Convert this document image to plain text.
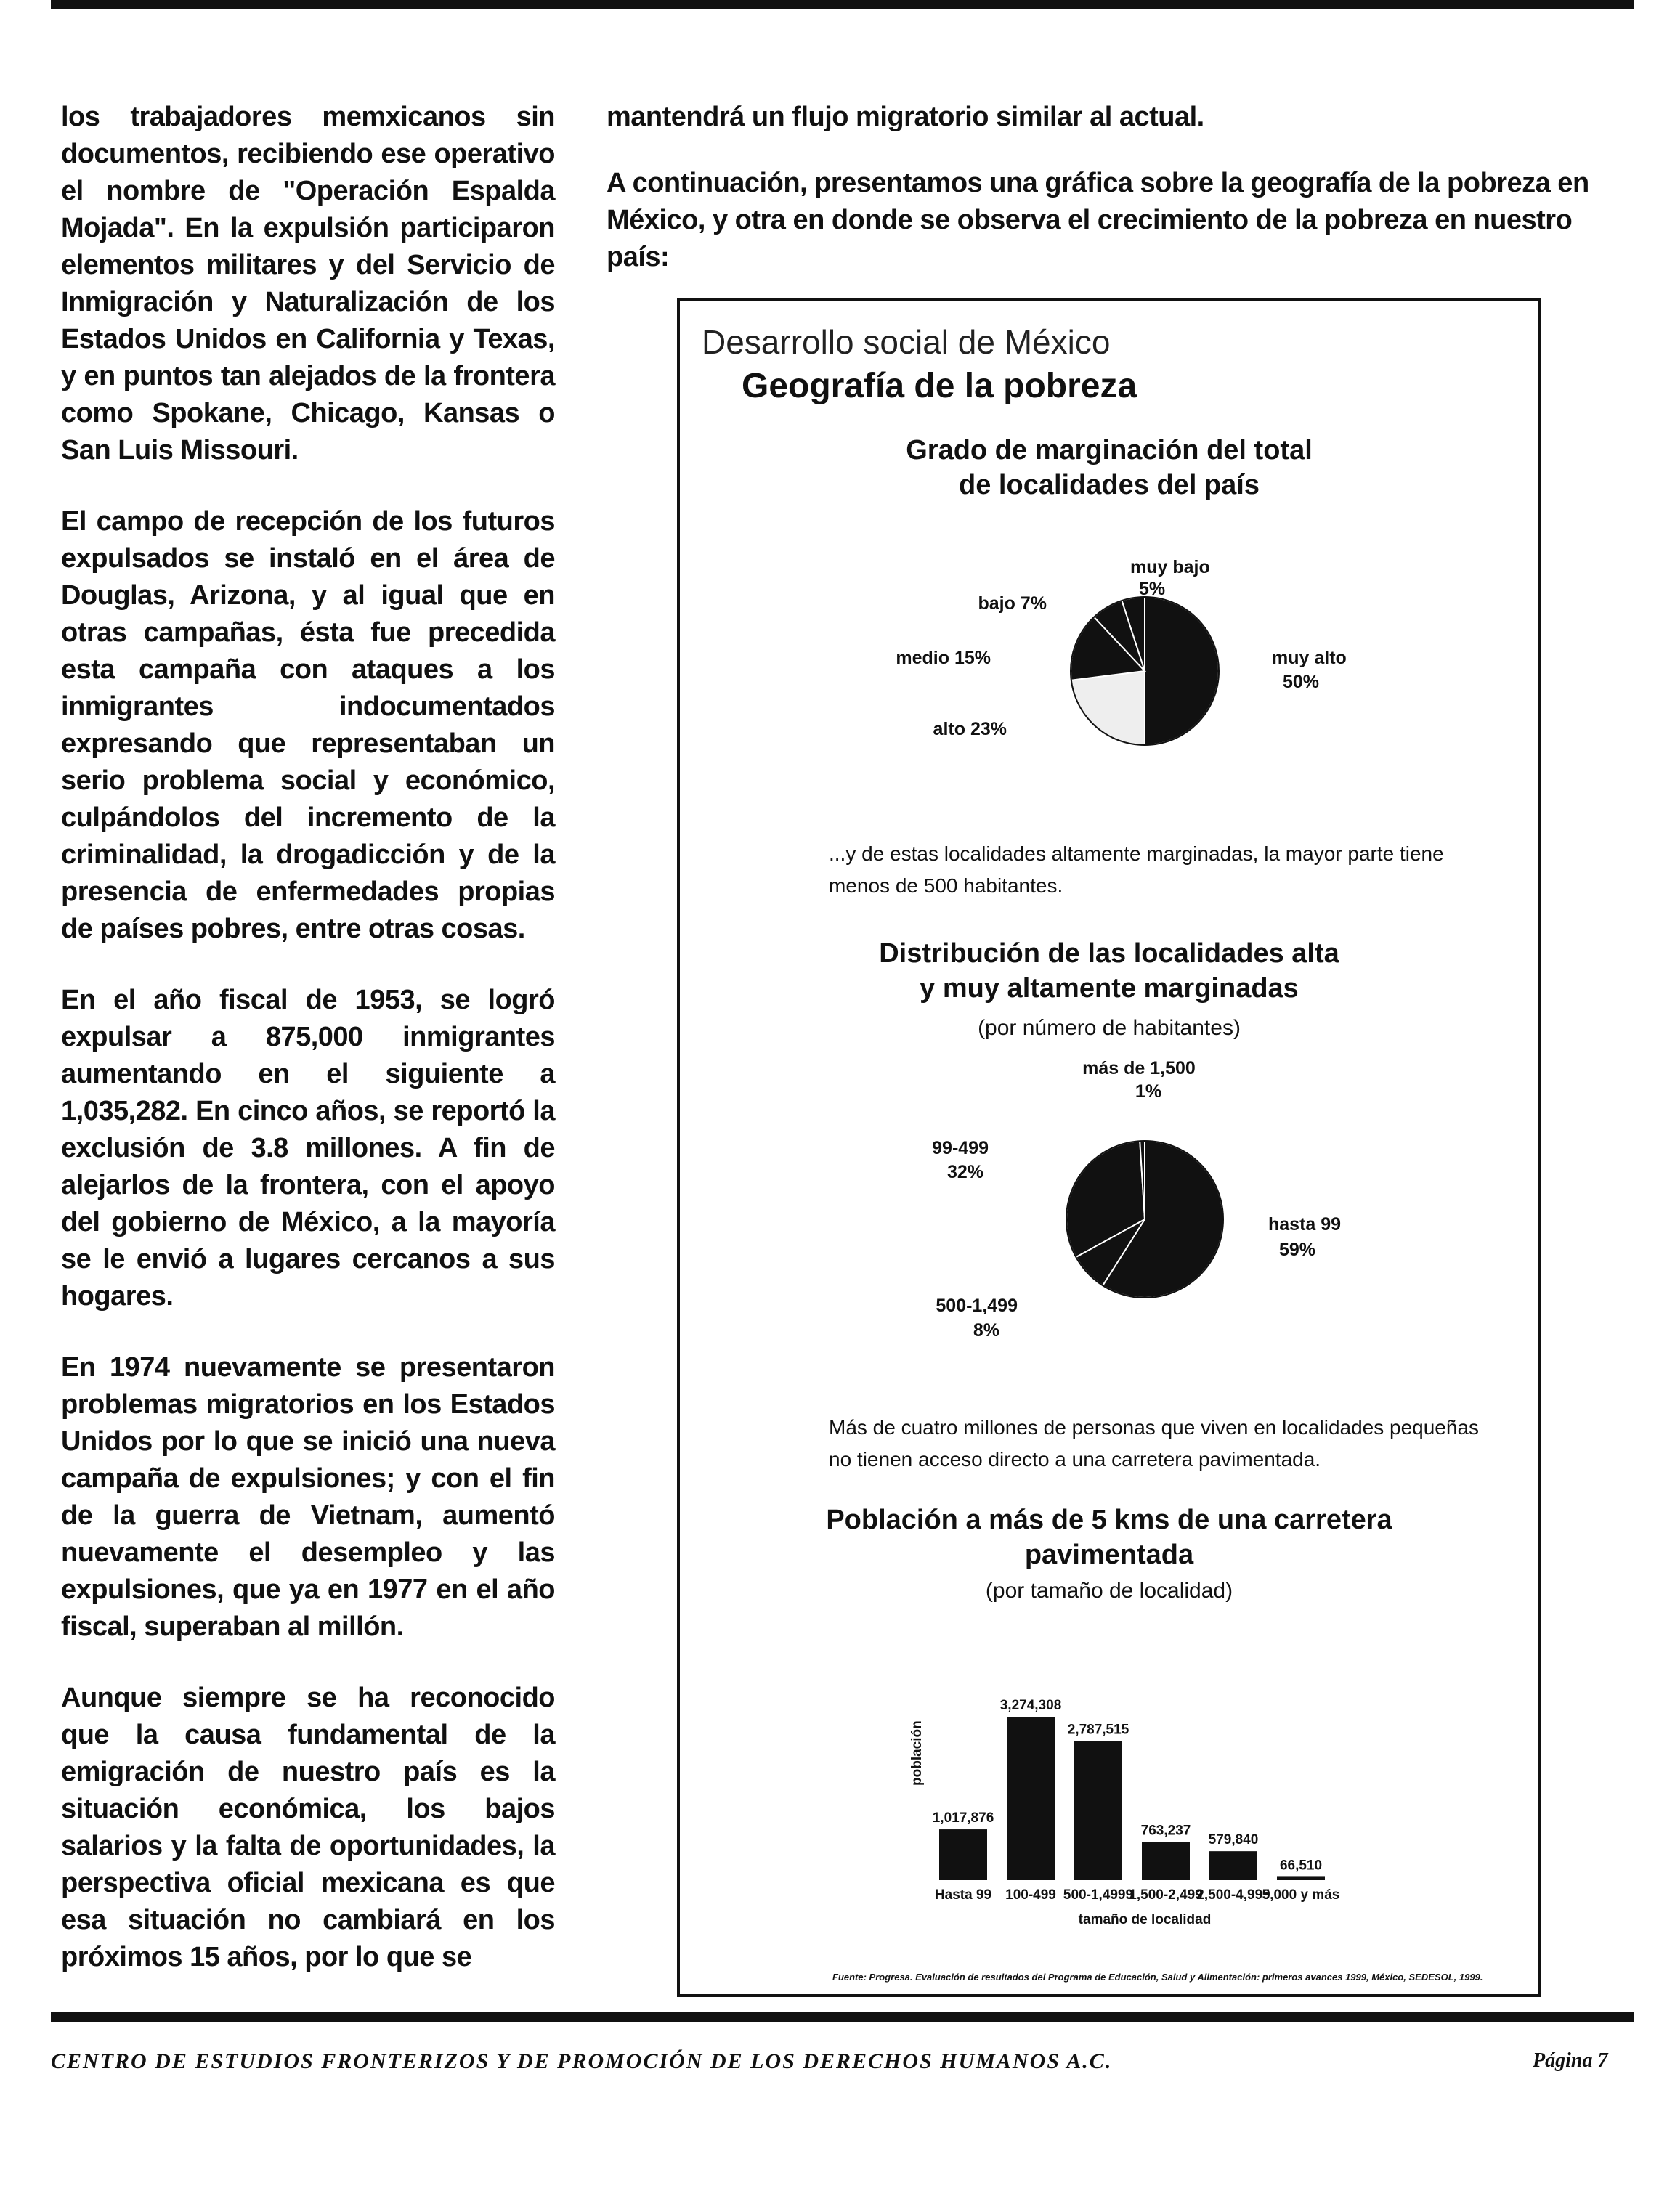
los trabajadores memxicanos sin documentos, recibiendo ese operativo el nombre de "Operación Espalda Mojada". En la expulsión participaron elementos militares y del Servicio de Inmigración y Naturalización de los Estados Unidos en California y Texas, y en puntos tan alejados de la frontera como Spokane, Chicago, Kansas o San Luis Missouri.

El campo de recepción de los futuros expulsados se instaló en el área de Douglas, Arizona, y al igual que en otras campañas, ésta fue precedida esta campaña con ataques a los inmigrantes indocumentados expresando que representaban un serio problema social y económico, culpándolos del incremento de la criminalidad, la drogadicción y de la presencia de enfermedades propias de países pobres, entre otras cosas.

En el año fiscal de 1953, se logró expulsar a 875,000 inmigrantes aumentando en el siguiente a 1,035,282. En cinco años, se reportó la exclusión de 3.8 millones. A fin de alejarlos de la frontera, con el apoyo del gobierno de México, a la mayoría se le envió a lugares cercanos a sus hogares.

En 1974 nuevamente se presentaron problemas migratorios en los Estados Unidos por lo que se inició una nueva campaña de expulsiones; y con el fin de la guerra de Vietnam, aumentó nuevamente el desempleo y las expulsiones, que ya en 1977 en el año fiscal, superaban al millón.

Aunque siempre se ha reconocido que la causa fundamental de la emigración de nuestro país es la situación económica, los bajos salarios y la falta de oportunidades, la perspectiva oficial mexicana es que esa situación no cambiará en los próximos 15 años, por lo que se

mantendrá un flujo migratorio similar al actual.

A continuación, presentamos una gráfica sobre la geografía de la pobreza en México, y otra en donde se observa el crecimiento de la pobreza en nuestro país:

Desarrollo social de México
Geografía de la pobreza
Grado de marginación del total
de localidades del país
muy bajo
5%
bajo 7%
medio 15%
alto 23%
muy alto
50%
...y de estas localidades altamente marginadas, la mayor parte tiene menos de 500 habitantes.
Distribución de las localidades alta
y muy altamente marginadas
(por número de habitantes)
más de 1,500
1%
99-499
32%
hasta 99
59%
500-1,499
8%
Más de cuatro millones de personas que viven en localidades pequeñas no tienen acceso directo a una carretera pavimentada.
Población a más de 5 kms de una carretera
pavimentada
(por tamaño de localidad)
población
tamaño de localidad
1,017,876
Hasta 99
3,274,308
100-499
2,787,515
500-1,4999
763,237
1,500-2,499
579,840
2,500-4,999
66,510
5,000 y más
Fuente: Progresa. Evaluación de resultados del Programa de Educación, Salud y Alimentación: primeros avances 1999, México, SEDESOL, 1999.
CENTRO DE ESTUDIOS FRONTERIZOS Y DE PROMOCIÓN DE LOS DERECHOS HUMANOS A.C.	Página 7
